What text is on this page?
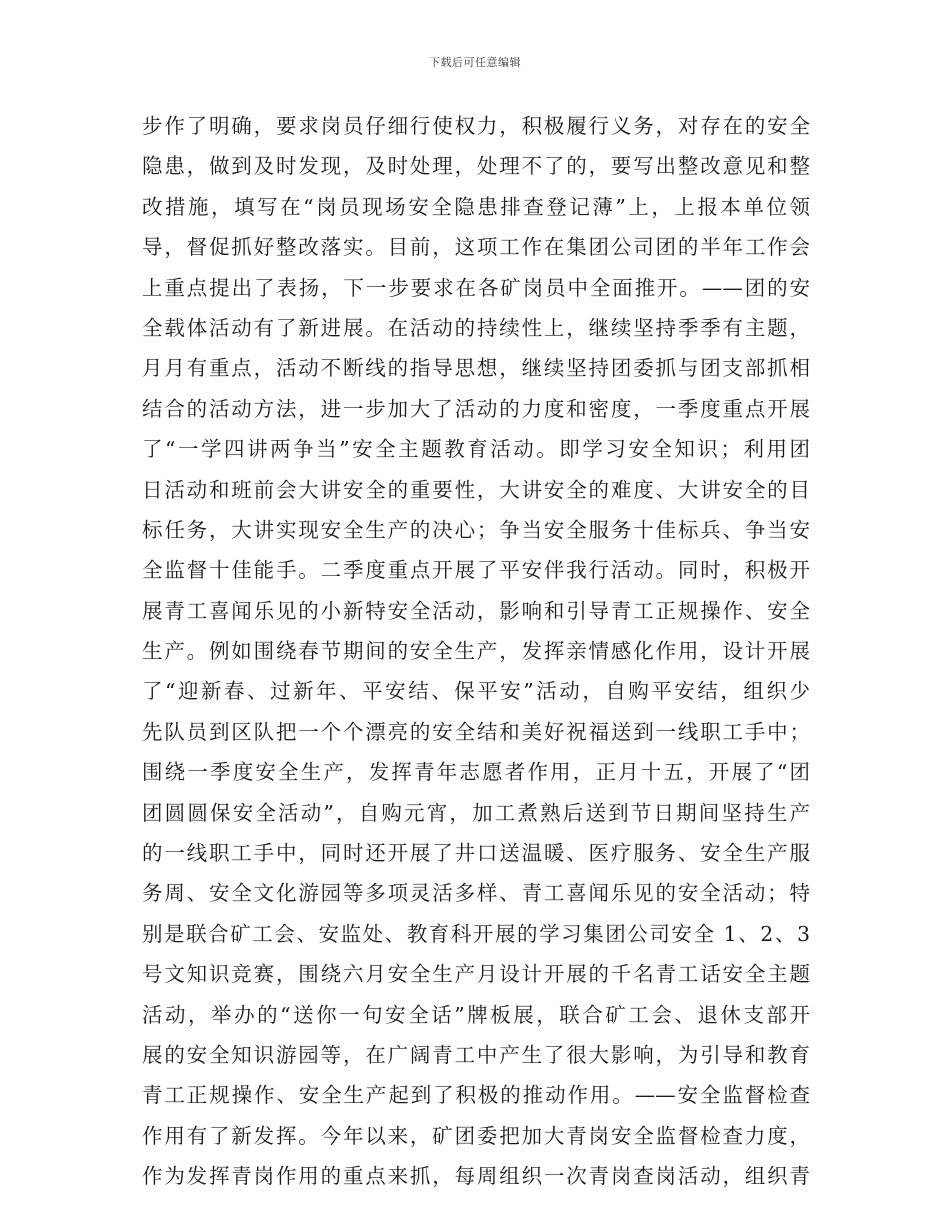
下载后可任意编辑
步作了明确，要求岗员仔细行使权力，积极履行义务，对存在的安全
隐患，做到及时发现，及时处理，处理不了的，要写出整改意见和整
改措施，填写在“岗员现场安全隐患排查登记薄”上，上报本单位领
导，督促抓好整改落实。目前，这项工作在集团公司团的半年工作会
上重点提出了表扬，下一步要求在各矿岗员中全面推开。——团的安
全载体活动有了新进展。在活动的持续性上，继续坚持季季有主题，
月月有重点，活动不断线的指导思想，继续坚持团委抓与团支部抓相
结合的活动方法，进一步加大了活动的力度和密度，一季度重点开展
了“一学四讲两争当”安全主题教育活动。即学习安全知识；利用团
日活动和班前会大讲安全的重要性，大讲安全的难度、大讲安全的目
标任务，大讲实现安全生产的决心；争当安全服务十佳标兵、争当安
全监督十佳能手。二季度重点开展了平安伴我行活动。同时，积极开
展青工喜闻乐见的小新特安全活动，影响和引导青工正规操作、安全
生产。例如围绕春节期间的安全生产，发挥亲情感化作用，设计开展
了“迎新春、过新年、平安结、保平安”活动，自购平安结，组织少
先队员到区队把一个个漂亮的安全结和美好祝福送到一线职工手中；
围绕一季度安全生产，发挥青年志愿者作用，正月十五，开展了“团
团圆圆保安全活动”，自购元宵，加工煮熟后送到节日期间坚持生产
的一线职工手中，同时还开展了井口送温暖、医疗服务、安全生产服
务周、安全文化游园等多项灵活多样、青工喜闻乐见的安全活动；特
别是联合矿工会、安监处、教育科开展的学习集团公司安全 1、2、3
号文知识竞赛，围绕六月安全生产月设计开展的千名青工话安全主题
活动，举办的“送你一句安全话”牌板展，联合矿工会、退休支部开
展的安全知识游园等，在广阔青工中产生了很大影响，为引导和教育
青工正规操作、安全生产起到了积极的推动作用。——安全监督检查
作用有了新发挥。今年以来，矿团委把加大青岗安全监督检查力度，
作为发挥青岗作用的重点来抓，每周组织一次青岗查岗活动，组织青
